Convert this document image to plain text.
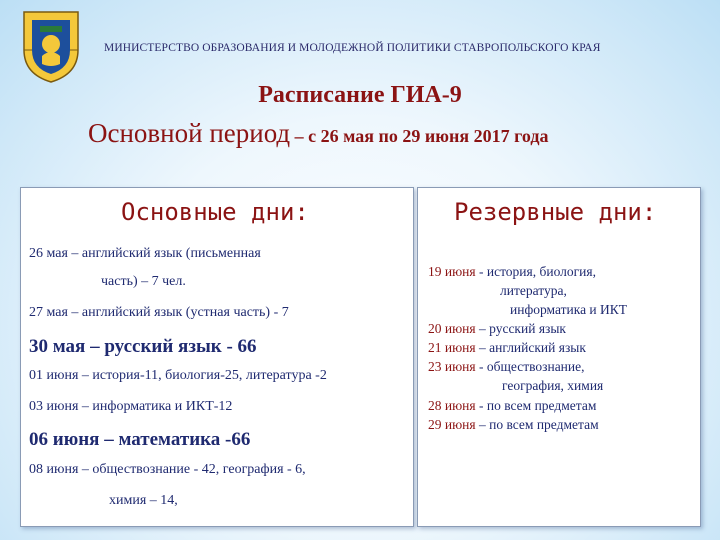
МИНИСТЕРСТВО ОБРАЗОВАНИЯ И МОЛОДЕЖНОЙ ПОЛИТИКИ СТАВРОПОЛЬСКОГО КРАЯ
Расписание ГИА-9
Основной период – с 26 мая по 29 июня 2017 года
Основные дни:
26 мая – английский язык (письменная
часть) – 7 чел.
27 мая – английский язык (устная часть) - 7
30 мая – русский язык - 66
01 июня – история-11, биология-25, литература -2
03 июня – информатика и ИКТ-12
06 июня – математика -66
08 июня – обществознание - 42, география - 6,
химия – 14,
Резервные дни:
19 июня - история, биология,
литература,
информатика и ИКТ
20 июня – русский язык
21 июня – английский язык
23 июня - обществознание,
география, химия
28 июня - по всем предметам
29 июня – по всем предметам
